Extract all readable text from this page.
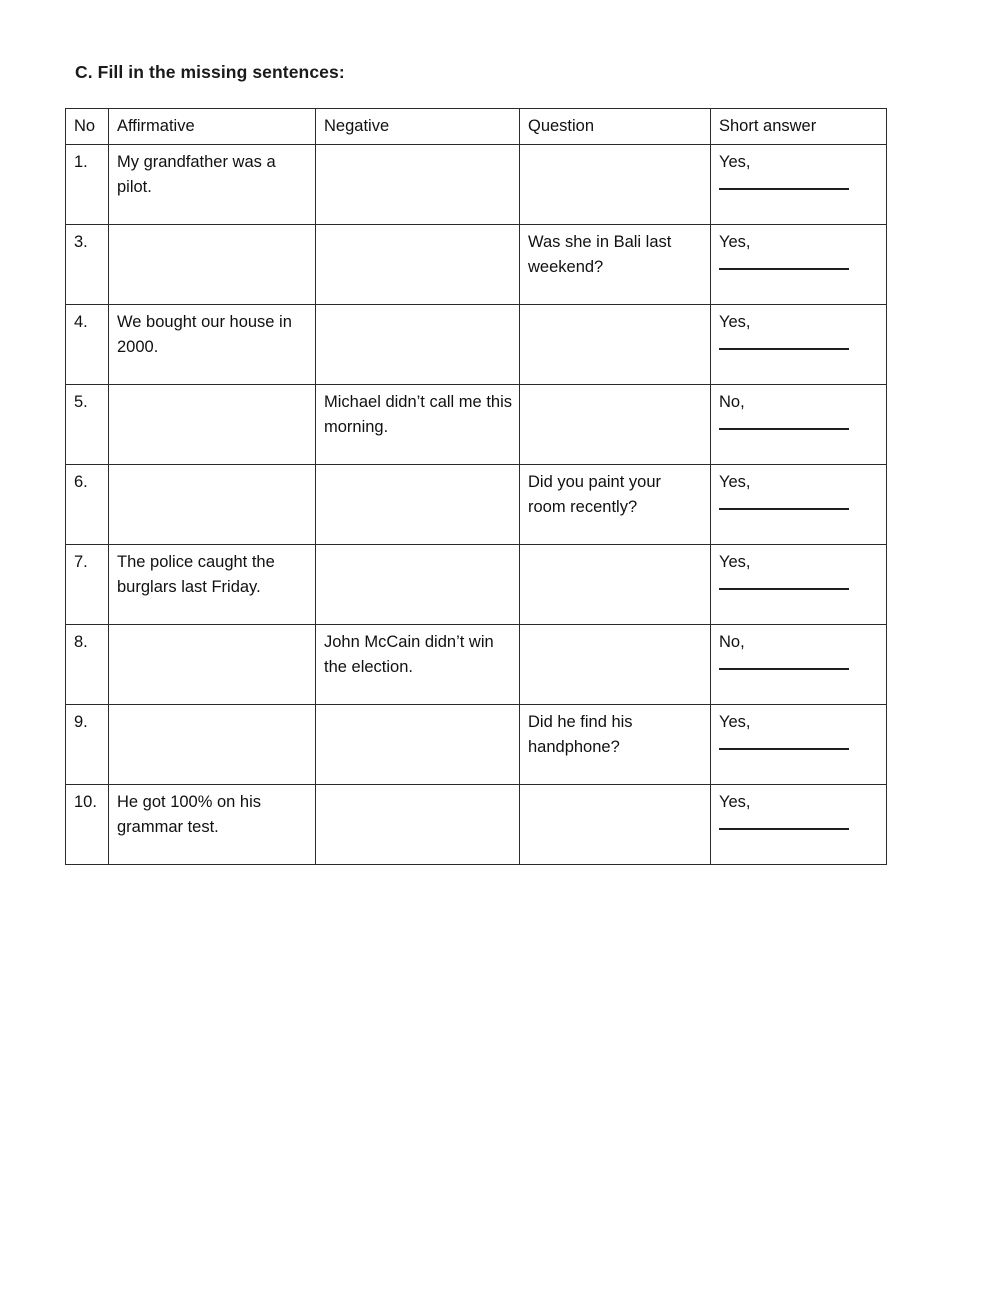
C. Fill in the missing sentences:
No	Affirmative	Negative	Question	Short answer

1.	My grandfather was a pilot.			Yes,

3.			Was she in Bali last weekend?	Yes,

4.	We bought our house in 2000.			Yes,

5.		Michael didn’t call me this morning.		No,

6.			Did you paint your room recently?	Yes,

7.	The police caught the burglars last Friday.			Yes,

8.		John McCain didn’t win the election.		No,

9.			Did he find his handphone?	Yes,

10.	He got 100% on his grammar test.			Yes,
